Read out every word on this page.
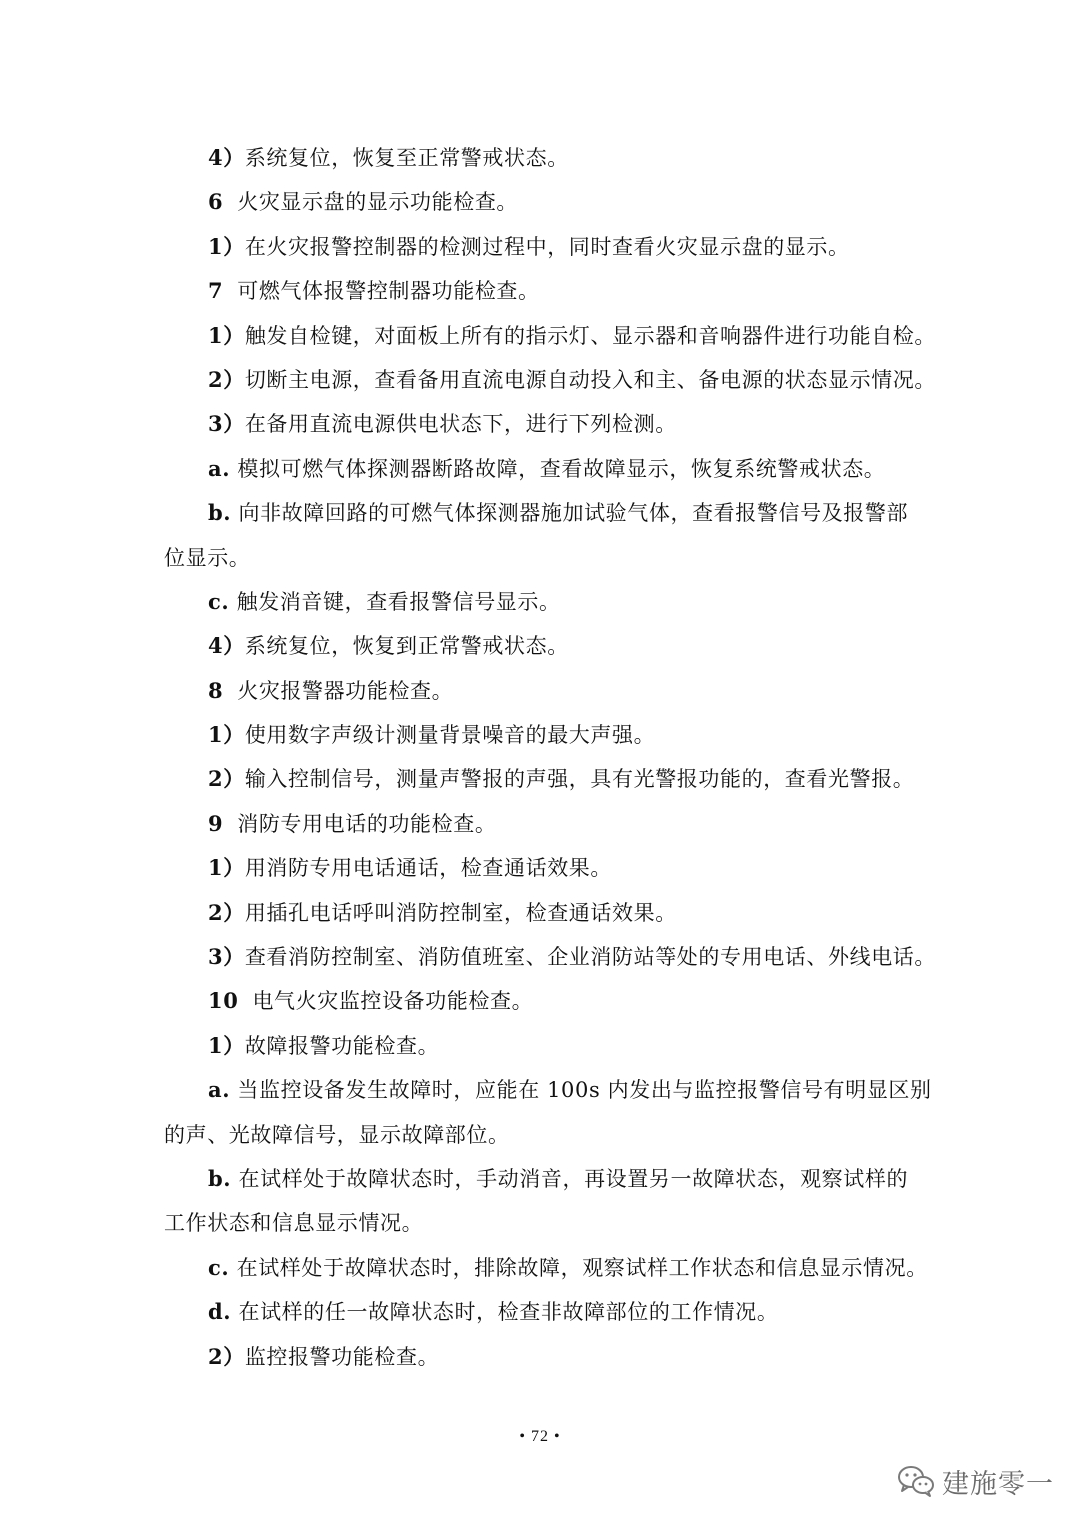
4）系统复位，恢复至正常警戒状态。
6 火灾显示盘的显示功能检查。
1）在火灾报警控制器的检测过程中，同时查看火灾显示盘的显示。
7 可燃气体报警控制器功能检查。
1）触发自检键，对面板上所有的指示灯、显示器和音响器件进行功能自检。
2）切断主电源，查看备用直流电源自动投入和主、备电源的状态显示情况。
3）在备用直流电源供电状态下，进行下列检测。
a. 模拟可燃气体探测器断路故障，查看故障显示，恢复系统警戒状态。
b. 向非故障回路的可燃气体探测器施加试验气体，查看报警信号及报警部
位显示。
c. 触发消音键，查看报警信号显示。
4）系统复位，恢复到正常警戒状态。
8 火灾报警器功能检查。
1）使用数字声级计测量背景噪音的最大声强。
2）输入控制信号，测量声警报的声强，具有光警报功能的，查看光警报。
9 消防专用电话的功能检查。
1）用消防专用电话通话，检查通话效果。
2）用插孔电话呼叫消防控制室，检查通话效果。
3）查看消防控制室、消防值班室、企业消防站等处的专用电话、外线电话。
10 电气火灾监控设备功能检查。
1）故障报警功能检查。
a. 当监控设备发生故障时，应能在 100s 内发出与监控报警信号有明显区别
的声、光故障信号，显示故障部位。
b. 在试样处于故障状态时，手动消音，再设置另一故障状态，观察试样的
工作状态和信息显示情况。
c. 在试样处于故障状态时，排除故障，观察试样工作状态和信息显示情况。
d. 在试样的任一故障状态时，检查非故障部位的工作情况。
2）监控报警功能检查。
• 72 •
建施零一
